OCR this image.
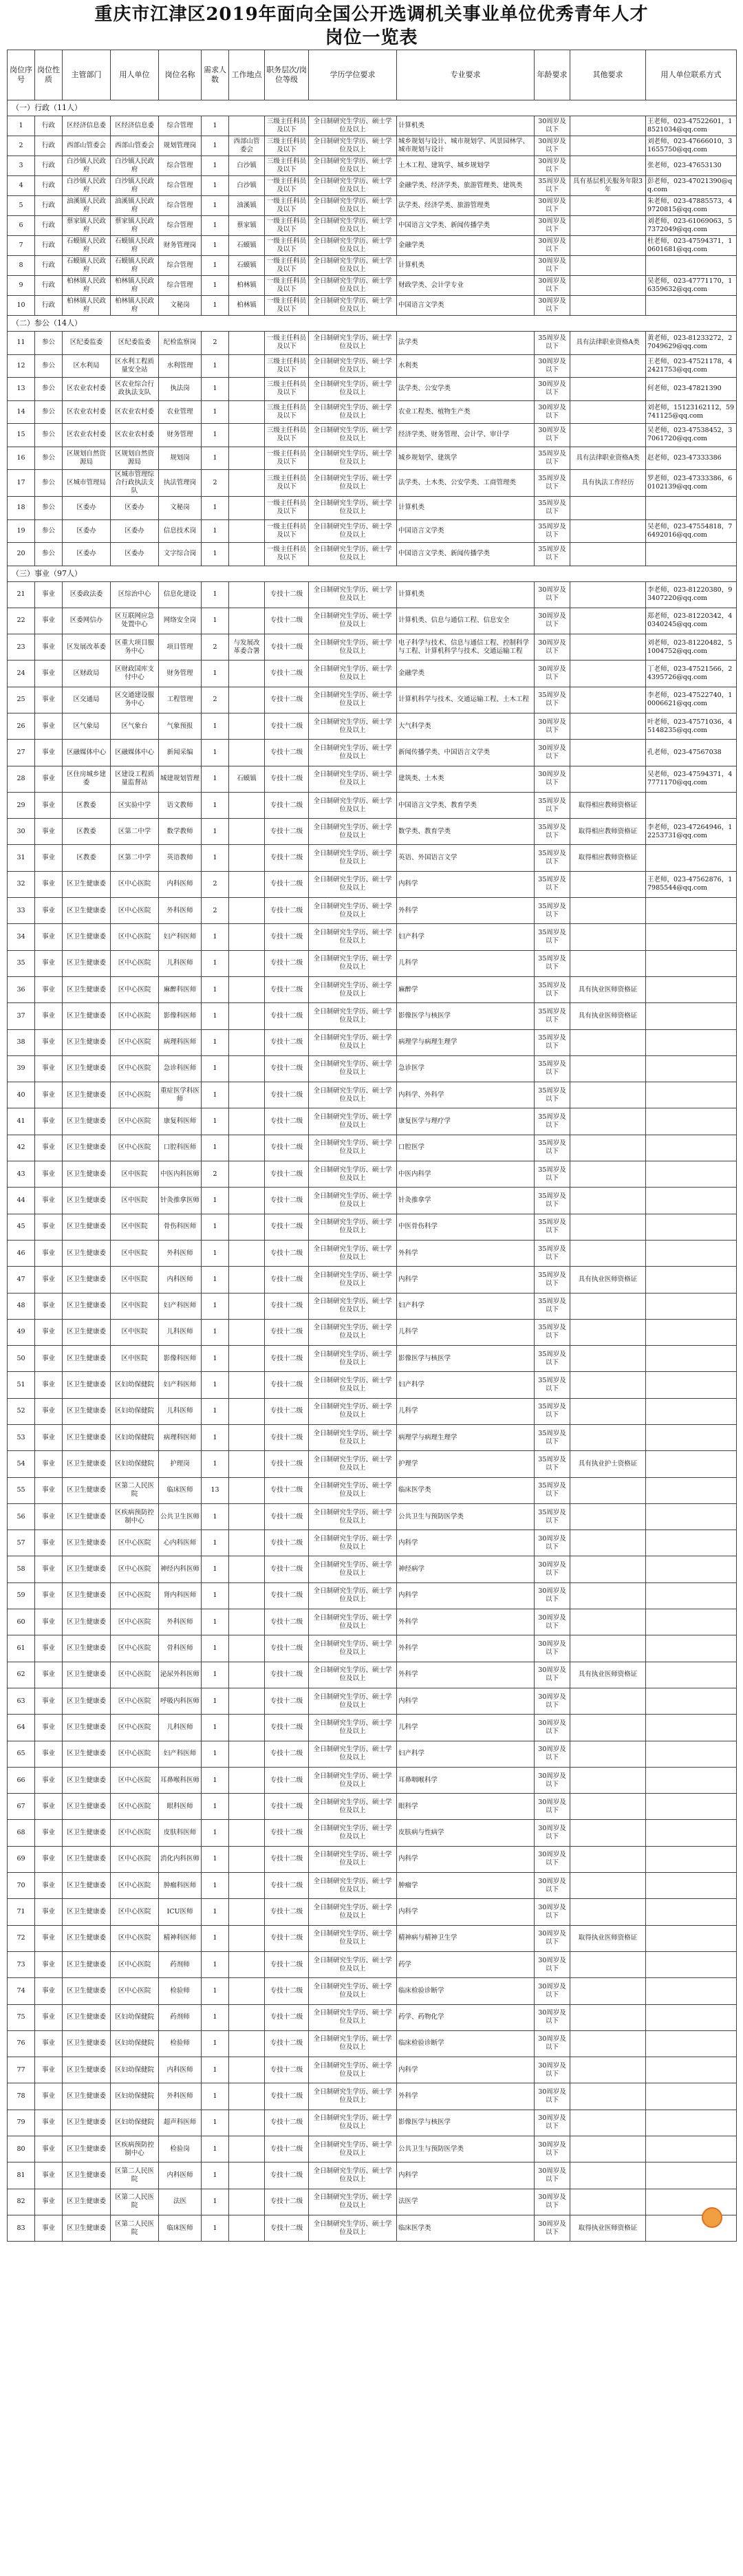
重庆市江津区2019年面向全国公开选调机关事业单位优秀青年人才
岗位一览表
岗位序号	岗位性质	主管部门	用人单位	岗位名称	需求人数	工作地点	职务层次/岗位等级	学历学位要求	专业要求	年龄要求	其他要求	用人单位联系方式
（一）行政（11人）												
1	行政	区经济信息委	区经济信息委	综合管理	1		三级主任科员及以下	全日制研究生学历、硕士学位及以上	计算机类	30周岁及以下		王老师，023-47522601，18521034@qq.com
2	行政	西部山管委会	西部山管委会	规划管理岗	1	西部山管委会	三级主任科员及以下	全日制研究生学历、硕士学位及以上	城乡规划与设计、城市规划学、风景园林学、城市规划与设计	30周岁及以下		刘老师，023-47666010，31655750@qq.com
3	行政	白沙镇人民政府	白沙镇人民政府	综合管理	1	白沙镇	三级主任科员及以下	全日制研究生学历、硕士学位及以上	土木工程、建筑学、城乡规划学	30周岁及以下		张老师，023-47653130
4	行政	白沙镇人民政府	白沙镇人民政府	综合管理	1	白沙镇	一级主任科员及以下	全日制研究生学历、硕士学位及以上	金融学类、经济学类、旅游管理类、建筑类	35周岁及以下	具有基层机关服务年限3年	彭老师，023-47021390@qq.com
5	行政	油溪镇人民政府	油溪镇人民政府	综合管理	1	油溪镇	一级主任科员及以下	全日制研究生学历、硕士学位及以上	法学类、经济学类、旅游管理类	30周岁及以下		朱老师，023-47885573，49720815@qq.com
6	行政	蔡家镇人民政府	蔡家镇人民政府	综合管理	1	蔡家镇	一级主任科员及以下	全日制研究生学历、硕士学位及以上	中国语言文学类、新闻传播学类	30周岁及以下		刘老师，023-61069063，57372049@qq.com
7	行政	石蟆镇人民政府	石蟆镇人民政府	财务管理岗	1	石蟆镇	一级主任科员及以下	全日制研究生学历、硕士学位及以上	金融学类	30周岁及以下		杜老师，023-47594371，10601681@qq.com
8	行政	石蟆镇人民政府	石蟆镇人民政府	综合管理	1	石蟆镇	一级主任科员及以下	全日制研究生学历、硕士学位及以上	计算机类	30周岁及以下		
9	行政	柏林镇人民政府	柏林镇人民政府	综合管理	1	柏林镇	一级主任科员及以下	全日制研究生学历、硕士学位及以上	财政学类、会计学专业	30周岁及以下		吴老师，023-47771170，16359632@qq.com
10	行政	柏林镇人民政府	柏林镇人民政府	文秘岗	1	柏林镇	一级主任科员及以下	全日制研究生学历、硕士学位及以上	中国语言文学类	30周岁及以下		
（二）参公（14人）												
11	参公	区纪委监委	区纪委监委	纪检监察岗	2		一级主任科员及以下	全日制研究生学历、硕士学位及以上	法学类	35周岁及以下	具有法律职业资格A类	黄老师，023-81233272，27049629@qq.com
12	参公	区水利局	区水利工程质量安全站	水利管理	1		三级主任科员及以下	全日制研究生学历、硕士学位及以上	水利类	30周岁及以下		王老师，023-47521178，42421753@qq.com
13	参公	区农业农村委	区农业综合行政执法支队	执法岗	1		三级主任科员及以下	全日制研究生学历、硕士学位及以上	法学类、公安学类	30周岁及以下		何老师，023-47821390
14	参公	区农业农村委	区农业农村委	农业管理	1		三级主任科员及以下	全日制研究生学历、硕士学位及以上	农业工程类、植物生产类	30周岁及以下		刘老师，15123162112，59741125@qq.com
15	参公	区农业农村委	区农业农村委	财务管理	1		三级主任科员及以下	全日制研究生学历、硕士学位及以上	经济学类、财务管理、会计学、审计学	30周岁及以下		吴老师，023-47538452，37061720@qq.com
16	参公	区规划自然资源局	区规划自然资源局	规划岗	1		一级主任科员及以下	全日制研究生学历、硕士学位及以上	城乡规划学、建筑学	35周岁及以下	具有法律职业资格A类	赵老师，023-47333386
17	参公	区城市管理局	区城市管理综合行政执法支队	执法管理岗	2		三级主任科员及以下	全日制研究生学历、硕士学位及以上	法学类、土木类、公安学类、工商管理类	35周岁及以下	具有执法工作经历	罗老师，023-47333386，60102139@qq.com
18	参公	区委办	区委办	文秘岗	1		一级主任科员及以下	全日制研究生学历、硕士学位及以上	计算机类	35周岁及以下		
19	参公	区委办	区委办	信息技术岗	1		一级主任科员及以下	全日制研究生学历、硕士学位及以上	中国语言文学类	35周岁及以下		吴老师，023-47554818，76492016@qq.com
20	参公	区委办	区委办	文字综合岗	1		一级主任科员及以下	全日制研究生学历、硕士学位及以上	中国语言文学类、新闻传播学类	35周岁及以下		
（三）事业（97人）												
21	事业	区委政法委	区综治中心	信息化建设	1		专技十二级	全日制研究生学历、硕士学位及以上	计算机类	30周岁及以下		李老师，023-81220380，93407220@qq.com
22	事业	区委网信办	区互联网应急处置中心	网络安全岗	1		专技十二级	全日制研究生学历、硕士学位及以上	计算机类、信息与通信工程、信息安全	30周岁及以下		郑老师，023-81220342，40340245@qq.com
23	事业	区发展改革委	区重大项目服务中心	项目管理	2	与发展改革委合署	专技十二级	全日制研究生学历、硕士学位及以上	电子科学与技术、信息与通信工程、控制科学与工程、计算机科学与技术、交通运输工程	30周岁及以下		刘老师，023-81220482，51004752@qq.com
24	事业	区财政局	区财政国库支付中心	财务管理	1		专技十二级	全日制研究生学历、硕士学位及以上	金融学类	30周岁及以下		丁老师，023-47521566，24395726@qq.com
25	事业	区交通局	区交通建设服务中心	工程管理	2		专技十二级	全日制研究生学历、硕士学位及以上	计算机科学与技术、交通运输工程、土木工程	35周岁及以下		李老师，023-47522740，10006621@qq.com
26	事业	区气象局	区气象台	气象预报	1		专技十二级	全日制研究生学历、硕士学位及以上	大气科学类	30周岁及以下		叶老师，023-47571036，45148235@qq.com
27	事业	区融媒体中心	区融媒体中心	新闻采编	1		专技十二级	全日制研究生学历、硕士学位及以上	新闻传播学类、中国语言文学类	30周岁及以下		孔老师，023-47567038
28	事业	区住房城乡建委	区建设工程质量监督站	城建规划管理	1	石蟆镇	专技十二级	全日制研究生学历、硕士学位及以上	建筑类、土木类	30周岁及以下		吴老师，023-47594371，47771170@qq.com
29	事业	区教委	区实验中学	语文教师	1		专技十二级	全日制研究生学历、硕士学位及以上	中国语言文学类、教育学类	35周岁及以下	取得相应教师资格证	
30	事业	区教委	区第二中学	数学教师	1		专技十二级	全日制研究生学历、硕士学位及以上	数学类、教育学类	35周岁及以下	取得相应教师资格证	李老师，023-47264946，12253731@qq.com
31	事业	区教委	区第二中学	英语教师	1		专技十二级	全日制研究生学历、硕士学位及以上	英语、外国语言文学	35周岁及以下	取得相应教师资格证	
32	事业	区卫生健康委	区中心医院	内科医师	2		专技十二级	全日制研究生学历、硕士学位及以上	内科学	35周岁及以下		王老师，023-47562876，17985544@qq.com
33	事业	区卫生健康委	区中心医院	外科医师	2		专技十二级	全日制研究生学历、硕士学位及以上	外科学	35周岁及以下		
34	事业	区卫生健康委	区中心医院	妇产科医师	1		专技十二级	全日制研究生学历、硕士学位及以上	妇产科学	35周岁及以下		
35	事业	区卫生健康委	区中心医院	儿科医师	1		专技十二级	全日制研究生学历、硕士学位及以上	儿科学	35周岁及以下		
36	事业	区卫生健康委	区中心医院	麻醉科医师	1		专技十二级	全日制研究生学历、硕士学位及以上	麻醉学	35周岁及以下	具有执业医师资格证	
37	事业	区卫生健康委	区中心医院	影像科医师	1		专技十二级	全日制研究生学历、硕士学位及以上	影像医学与核医学	35周岁及以下	具有执业医师资格证	
38	事业	区卫生健康委	区中心医院	病理科医师	1		专技十二级	全日制研究生学历、硕士学位及以上	病理学与病理生理学	35周岁及以下		
39	事业	区卫生健康委	区中心医院	急诊科医师	1		专技十二级	全日制研究生学历、硕士学位及以上	急诊医学	35周岁及以下		
40	事业	区卫生健康委	区中心医院	重症医学科医师	1		专技十二级	全日制研究生学历、硕士学位及以上	内科学、外科学	35周岁及以下		
41	事业	区卫生健康委	区中心医院	康复科医师	1		专技十二级	全日制研究生学历、硕士学位及以上	康复医学与理疗学	35周岁及以下		
42	事业	区卫生健康委	区中心医院	口腔科医师	1		专技十二级	全日制研究生学历、硕士学位及以上	口腔医学	35周岁及以下		
43	事业	区卫生健康委	区中医院	中医内科医师	2		专技十二级	全日制研究生学历、硕士学位及以上	中医内科学	35周岁及以下		
44	事业	区卫生健康委	区中医院	针灸推拿医师	1		专技十二级	全日制研究生学历、硕士学位及以上	针灸推拿学	35周岁及以下		
45	事业	区卫生健康委	区中医院	骨伤科医师	1		专技十二级	全日制研究生学历、硕士学位及以上	中医骨伤科学	35周岁及以下		
46	事业	区卫生健康委	区中医院	外科医师	1		专技十二级	全日制研究生学历、硕士学位及以上	外科学	35周岁及以下		
47	事业	区卫生健康委	区中医院	内科医师	1		专技十二级	全日制研究生学历、硕士学位及以上	内科学	35周岁及以下	具有执业医师资格证	
48	事业	区卫生健康委	区中医院	妇产科医师	1		专技十二级	全日制研究生学历、硕士学位及以上	妇产科学	35周岁及以下		
49	事业	区卫生健康委	区中医院	儿科医师	1		专技十二级	全日制研究生学历、硕士学位及以上	儿科学	35周岁及以下		
50	事业	区卫生健康委	区中医院	影像科医师	1		专技十二级	全日制研究生学历、硕士学位及以上	影像医学与核医学	35周岁及以下		
51	事业	区卫生健康委	区妇幼保健院	妇产科医师	1		专技十二级	全日制研究生学历、硕士学位及以上	妇产科学	35周岁及以下		
52	事业	区卫生健康委	区妇幼保健院	儿科医师	1		专技十二级	全日制研究生学历、硕士学位及以上	儿科学	35周岁及以下		
53	事业	区卫生健康委	区妇幼保健院	病理科医师	1		专技十二级	全日制研究生学历、硕士学位及以上	病理学与病理生理学	35周岁及以下		
54	事业	区卫生健康委	区妇幼保健院	护理岗	1		专技十二级	全日制研究生学历、硕士学位及以上	护理学	35周岁及以下	具有执业护士资格证	
55	事业	区卫生健康委	区第二人民医院	临床医师	13		专技十二级	全日制研究生学历、硕士学位及以上	临床医学类	35周岁及以下		
56	事业	区卫生健康委	区疾病预防控制中心	公共卫生医师	1		专技十二级	全日制研究生学历、硕士学位及以上	公共卫生与预防医学类	35周岁及以下		
57	事业	区卫生健康委	区中心医院	心内科医师	1		专技十二级	全日制研究生学历、硕士学位及以上	内科学	30周岁及以下		
58	事业	区卫生健康委	区中心医院	神经内科医师	1		专技十二级	全日制研究生学历、硕士学位及以上	神经病学	30周岁及以下		
59	事业	区卫生健康委	区中心医院	肾内科医师	1		专技十二级	全日制研究生学历、硕士学位及以上	内科学	30周岁及以下		
60	事业	区卫生健康委	区中心医院	外科医师	1		专技十二级	全日制研究生学历、硕士学位及以上	外科学	30周岁及以下		
61	事业	区卫生健康委	区中心医院	骨科医师	1		专技十二级	全日制研究生学历、硕士学位及以上	外科学	30周岁及以下		
62	事业	区卫生健康委	区中心医院	泌尿外科医师	1		专技十二级	全日制研究生学历、硕士学位及以上	外科学	30周岁及以下	具有执业医师资格证	
63	事业	区卫生健康委	区中心医院	呼吸内科医师	1		专技十二级	全日制研究生学历、硕士学位及以上	内科学	30周岁及以下		
64	事业	区卫生健康委	区中心医院	儿科医师	1		专技十二级	全日制研究生学历、硕士学位及以上	儿科学	30周岁及以下		
65	事业	区卫生健康委	区中心医院	妇产科医师	1		专技十二级	全日制研究生学历、硕士学位及以上	妇产科学	30周岁及以下		
66	事业	区卫生健康委	区中心医院	耳鼻喉科医师	1		专技十二级	全日制研究生学历、硕士学位及以上	耳鼻咽喉科学	30周岁及以下		
67	事业	区卫生健康委	区中心医院	眼科医师	1		专技十二级	全日制研究生学历、硕士学位及以上	眼科学	30周岁及以下		
68	事业	区卫生健康委	区中心医院	皮肤科医师	1		专技十二级	全日制研究生学历、硕士学位及以上	皮肤病与性病学	30周岁及以下		
69	事业	区卫生健康委	区中心医院	消化内科医师	1		专技十二级	全日制研究生学历、硕士学位及以上	内科学	30周岁及以下		
70	事业	区卫生健康委	区中心医院	肿瘤科医师	1		专技十二级	全日制研究生学历、硕士学位及以上	肿瘤学	30周岁及以下		
71	事业	区卫生健康委	区中心医院	ICU医师	1		专技十二级	全日制研究生学历、硕士学位及以上	内科学	30周岁及以下		
72	事业	区卫生健康委	区中心医院	精神科医师	1		专技十二级	全日制研究生学历、硕士学位及以上	精神病与精神卫生学	30周岁及以下	取得执业医师资格证	
73	事业	区卫生健康委	区中心医院	药剂师	1		专技十二级	全日制研究生学历、硕士学位及以上	药学	30周岁及以下		
74	事业	区卫生健康委	区中心医院	检验师	1		专技十二级	全日制研究生学历、硕士学位及以上	临床检验诊断学	30周岁及以下		
75	事业	区卫生健康委	区妇幼保健院	药剂师	1		专技十二级	全日制研究生学历、硕士学位及以上	药学、药物化学	30周岁及以下		
76	事业	区卫生健康委	区妇幼保健院	检验师	1		专技十二级	全日制研究生学历、硕士学位及以上	临床检验诊断学	30周岁及以下		
77	事业	区卫生健康委	区妇幼保健院	内科医师	1		专技十二级	全日制研究生学历、硕士学位及以上	内科学	30周岁及以下		
78	事业	区卫生健康委	区妇幼保健院	外科医师	1		专技十二级	全日制研究生学历、硕士学位及以上	外科学	30周岁及以下		
79	事业	区卫生健康委	区妇幼保健院	超声科医师	1		专技十二级	全日制研究生学历、硕士学位及以上	影像医学与核医学	30周岁及以下		
80	事业	区卫生健康委	区疾病预防控制中心	检验岗	1		专技十二级	全日制研究生学历、硕士学位及以上	公共卫生与预防医学类	30周岁及以下		
81	事业	区卫生健康委	区第二人民医院	内科医师	1		专技十二级	全日制研究生学历、硕士学位及以上	内科学	30周岁及以下		
82	事业	区卫生健康委	区第二人民医院	法医	1		专技十二级	全日制研究生学历、硕士学位及以上	法医学	30周岁及以下		
83	事业	区卫生健康委	区第二人民医院	临床医师	1		专技十二级	全日制研究生学历、硕士学位及以上	临床医学类	30周岁及以下	取得执业医师资格证	
